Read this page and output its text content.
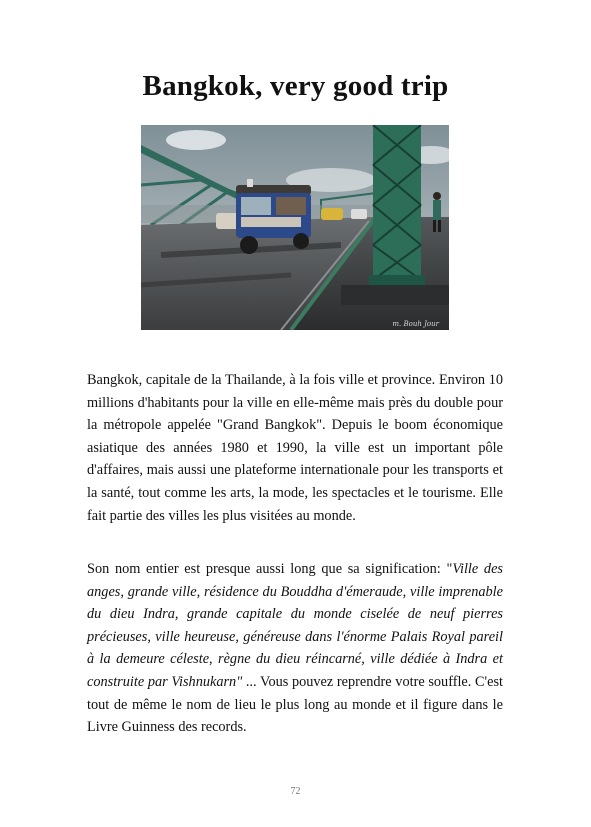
Bangkok, very good trip
m. Bouh Jour

Bangkok, capitale de la Thailande, à la fois ville et province. Environ 10 millions d'habitants pour la ville en elle-même mais près du double pour la métropole appelée "Grand Bangkok". Depuis le boom économique asiatique des années 1980 et 1990, la ville est un important pôle d'affaires, mais aussi une plateforme internationale pour les transports et la santé, tout comme les arts, la mode, les spectacles et le tourisme. Elle fait partie des villes les plus visitées au monde.

Son nom entier est presque aussi long que sa signification: "Ville des anges, grande ville, résidence du Bouddha d'émeraude, ville imprenable du dieu Indra, grande capitale du monde ciselée de neuf pierres précieuses, ville heureuse, généreuse dans l'énorme Palais Royal pareil à la demeure céleste, règne du dieu réincarné, ville dédiée à Indra et construite par Vishnukarn" ... Vous pouvez reprendre votre souffle. C'est tout de même le nom de lieu le plus long au monde et il figure dans le Livre Guinness des records.

72
